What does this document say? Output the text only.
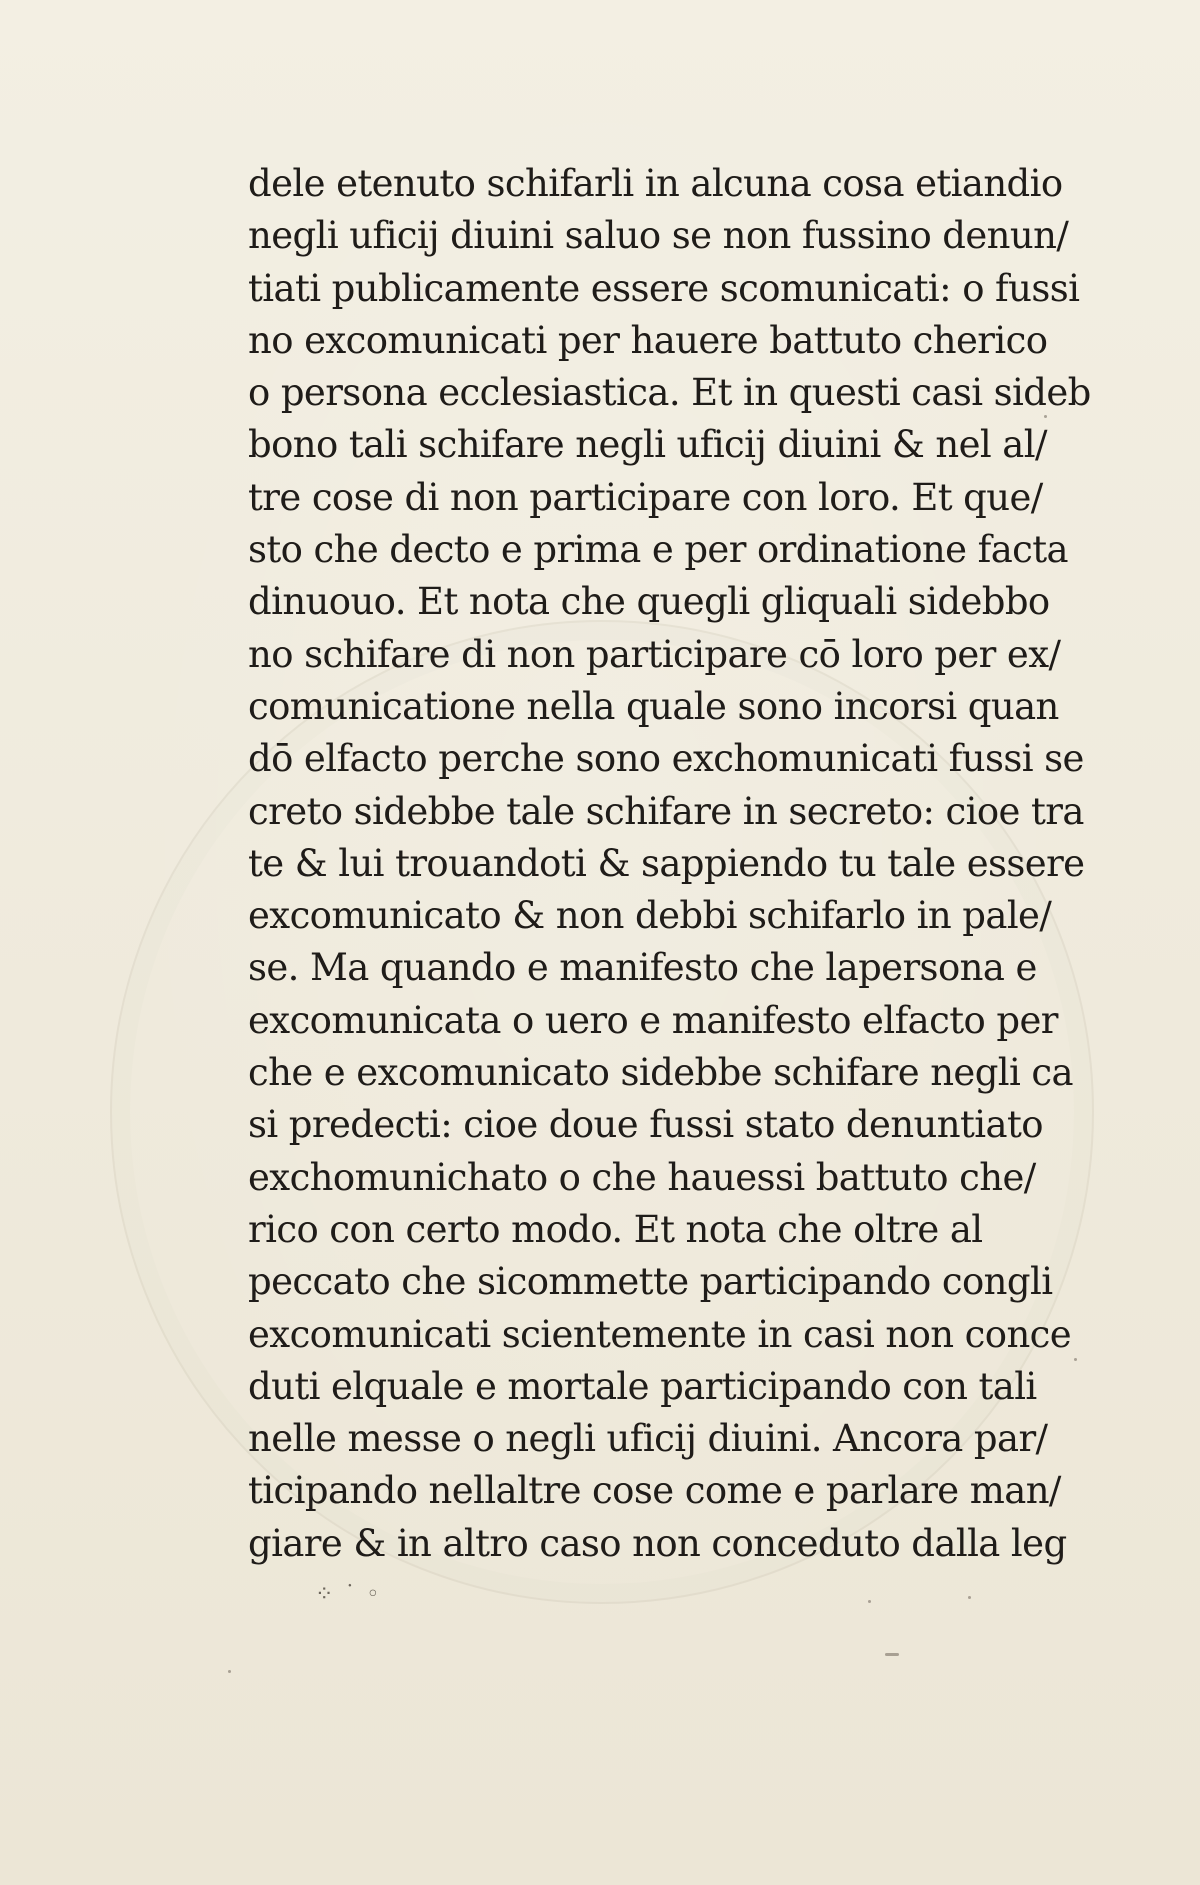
dele etenuto schifarli in alcuna cosa etiandio
negli uficij diuini saluo se non fussino denun/
tiati publicamente essere scomunicati: o fussi
no excomunicati per hauere battuto cherico
o persona ecclesiastica. Et in questi casi sideb
bono tali schifare negli uficij diuini & nel al/
tre cose di non participare con loro. Et que/
sto che decto e prima e per ordinatione facta
dinuouo. Et nota che quegli gliquali sidebbo
no schifare di non participare cō loro per ex/
comunicatione nella quale sono incorsi quan
dō elfacto perche sono exchomunicati fussi se
creto sidebbe tale schifare in secreto: cioe tra
te & lui trouandoti & sappiendo tu tale essere
excomunicato & non debbi schifarlo in pale/
se. Ma quando e manifesto che lapersona e
excomunicata o uero e manifesto elfacto per
che e excomunicato sidebbe schifare negli ca
si predecti: cioe doue fussi stato denuntiato
exchomunichato o che hauessi battuto che/
rico con certo modo. Et nota che oltre al
peccato che sicommette participando congli
excomunicati scientemente in casi non conce
duti elquale e mortale participando con tali
nelle messe o negli uficij diuini. Ancora par/
ticipando nellaltre cose come e parlare man/
giare & in altro caso non conceduto dalla leg
⁘ ˙ ◦
